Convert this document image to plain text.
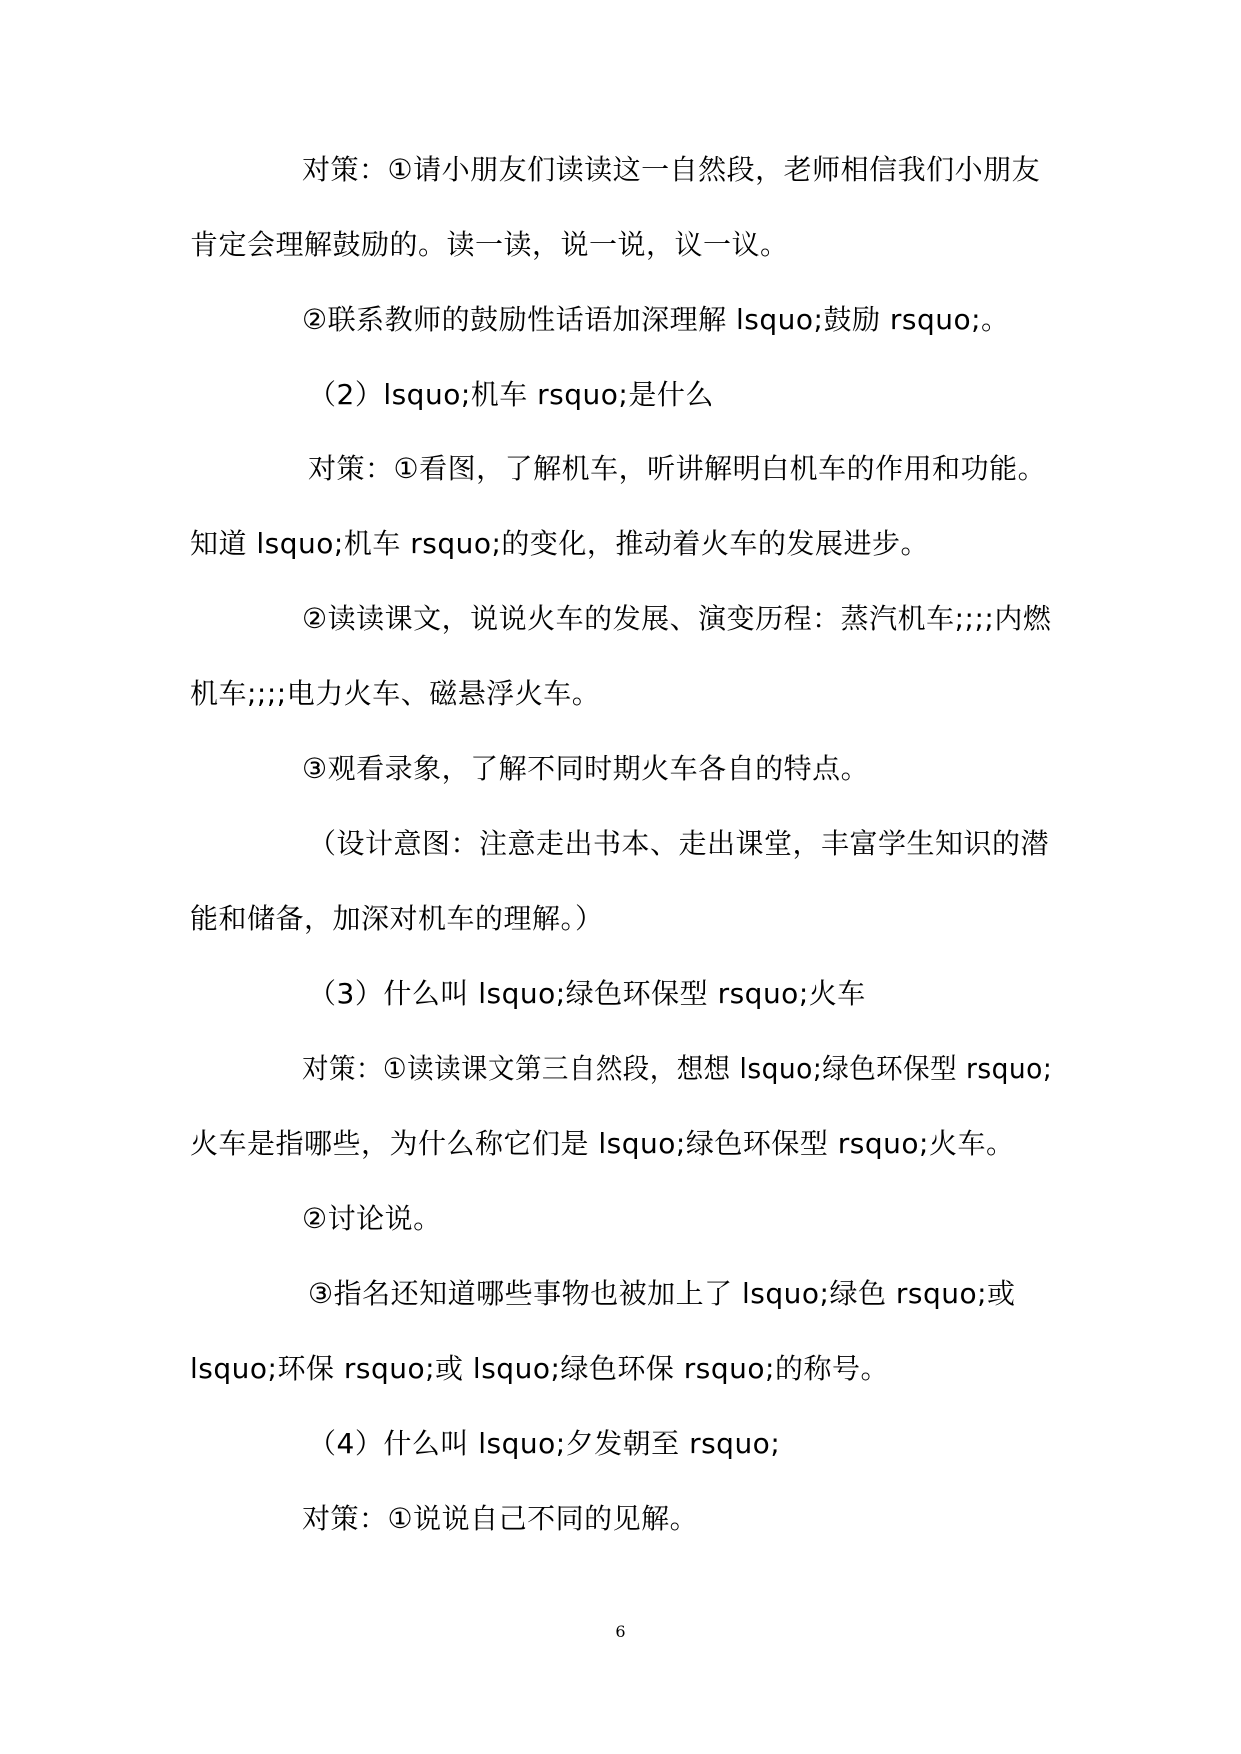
对策：①请小朋友们读读这一自然段，老师相信我们小朋友
肯定会理解鼓励的。读一读，说一说，议一议。
②联系教师的鼓励性话语加深理解 lsquo;鼓励 rsquo;。
（2）lsquo;机车 rsquo;是什么
对策：①看图，了解机车，听讲解明白机车的作用和功能。
知道 lsquo;机车 rsquo;的变化，推动着火车的发展进步。
②读读课文，说说火车的发展、演变历程：蒸汽机车;;;;内燃
机车;;;;电力火车、磁悬浮火车。
③观看录象，了解不同时期火车各自的特点。
（设计意图：注意走出书本、走出课堂，丰富学生知识的潜
能和储备，加深对机车的理解。）
（3）什么叫 lsquo;绿色环保型 rsquo;火车
对策：①读读课文第三自然段，想想 lsquo;绿色环保型 rsquo;
火车是指哪些，为什么称它们是 lsquo;绿色环保型 rsquo;火车。
②讨论说。
③指名还知道哪些事物也被加上了 lsquo;绿色 rsquo;或
lsquo;环保 rsquo;或 lsquo;绿色环保 rsquo;的称号。
（4）什么叫 lsquo;夕发朝至 rsquo;
对策：①说说自己不同的见解。
6
